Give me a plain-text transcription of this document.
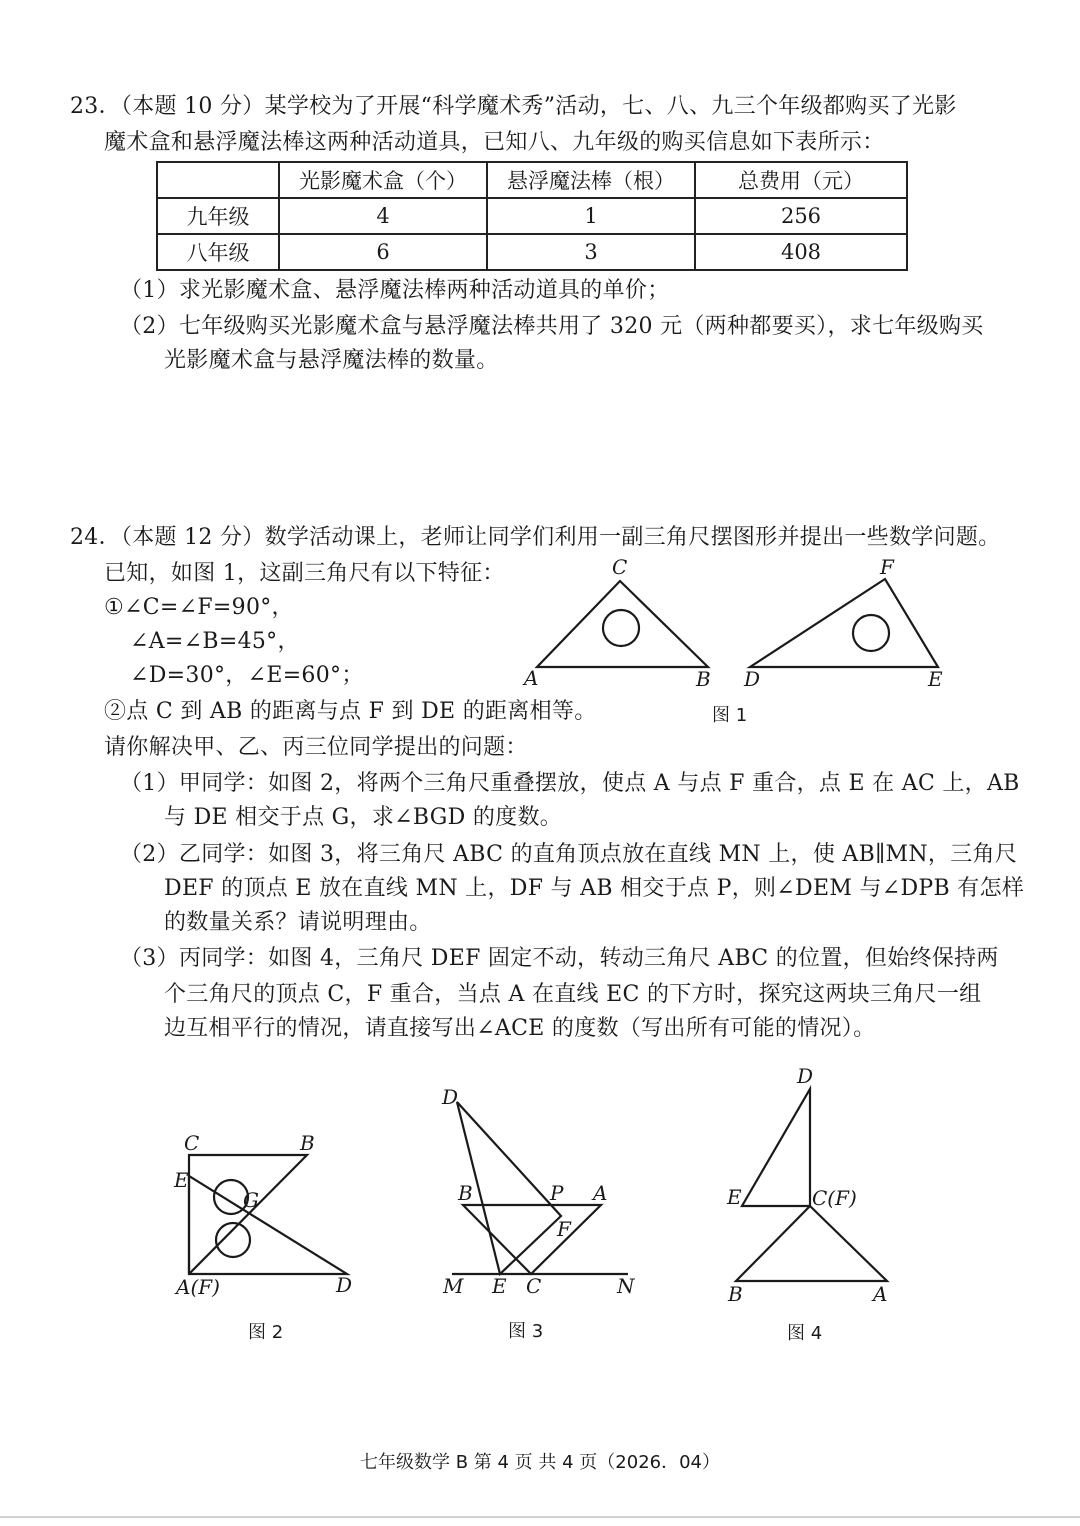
23．（本题 10 分）某学校为了开展“科学魔术秀”活动，七、八、九三个年级都购买了光影
魔术盒和悬浮魔法棒这两种活动道具，已知八、九年级的购买信息如下表所示：
	光影魔术盒（个）	悬浮魔法棒（根）	总费用（元）
九年级	4	1	256
八年级	6	3	408
（1）求光影魔术盒、悬浮魔法棒两种活动道具的单价；
（2）七年级购买光影魔术盒与悬浮魔法棒共用了 320 元（两种都要买），求七年级购买
光影魔术盒与悬浮魔法棒的数量。
24．（本题 12 分）数学活动课上，老师让同学们利用一副三角尺摆图形并提出一些数学问题。
已知，如图 1，这副三角尺有以下特征：
①∠C=∠F=90°，
∠A=∠B=45°，
∠D=30°，∠E=60°；
②点 C 到 AB 的距离与点 F 到 DE 的距离相等。
请你解决甲、乙、丙三位同学提出的问题：
（1）甲同学：如图 2，将两个三角尺重叠摆放，使点 A 与点 F 重合，点 E 在 AC 上，AB
与 DE 相交于点 G，求∠BGD 的度数。
（2）乙同学：如图 3，将三角尺 ABC 的直角顶点放在直线 MN 上，使 AB∥MN，三角尺
DEF 的顶点 E 放在直线 MN 上，DF 与 AB 相交于点 P，则∠DEM 与∠DPB 有怎样
的数量关系？请说明理由。
（3）丙同学：如图 4，三角尺 DEF 固定不动，转动三角尺 ABC 的位置，但始终保持两
个三角尺的顶点 C，F 重合，当点 A 在直线 EC 的下方时，探究这两块三角尺一组
边互相平行的情况，请直接写出∠ACE 的度数（写出所有可能的情况）。
C
A	B
F
D	E
图 1
C	B
E
G
A(F)	D
图 2
D
B	P A
F
M E C	N
图 3
D
E	C(F)
B	A
图 4
七年级数学 B 第 4 页 共 4 页（2026．04）
